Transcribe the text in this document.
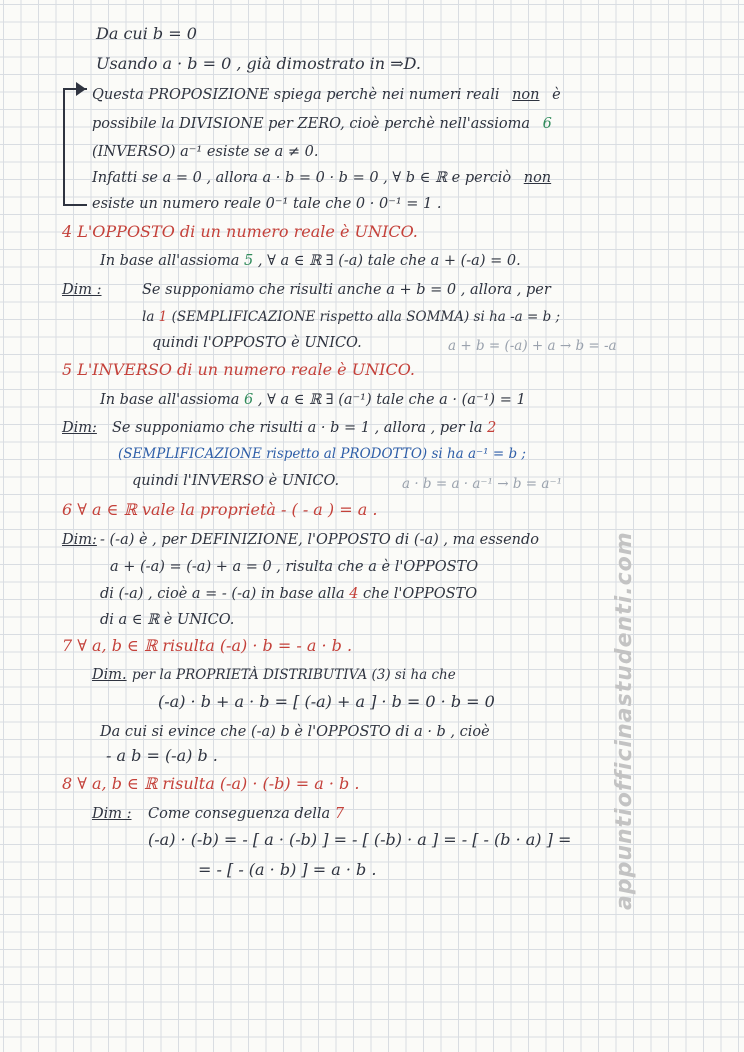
Da cui b = 0
Usando a · b = 0 , già dimostrato in ⇒D.
Questa PROPOSIZIONE spiega perchè nei numeri reali non è
possibile la DIVISIONE per ZERO, cioè perchè nell'assioma 6
(INVERSO) a⁻¹ esiste se a ≠ 0.
Infatti se a = 0 , allora a · b = 0 · b = 0 , ∀ b ∈ ℝ e perciò non
esiste un numero reale 0⁻¹ tale che 0 · 0⁻¹ = 1 .
4 L'OPPOSTO di un numero reale è UNICO.
In base all'assioma 5 , ∀ a ∈ ℝ ∃ (-a) tale che a + (-a) = 0.
Dim :	Se supponiamo che risulti anche a + b = 0 , allora , per
la 1 (SEMPLIFICAZIONE rispetto alla SOMMA) si ha -a = b ;
quindi l'OPPOSTO è UNICO.	a + b = (-a) + a → b = -a
5 L'INVERSO di un numero reale è UNICO.
In base all'assioma 6 , ∀ a ∈ ℝ ∃ (a⁻¹) tale che a · (a⁻¹) = 1
Dim: Se supponiamo che risulti a · b = 1 , allora , per la 2
(SEMPLIFICAZIONE rispetto al PRODOTTO) si ha a⁻¹ = b ;
quindi l'INVERSO è UNICO.	a · b = a · a⁻¹ → b = a⁻¹
6 ∀ a ∈ ℝ vale la proprietà - ( - a ) = a .
Dim: - (-a) è , per DEFINIZIONE, l'OPPOSTO di (-a) , ma essendo
a + (-a) = (-a) + a = 0 , risulta che a è l'OPPOSTO
di (-a) , cioè a = - (-a) in base alla 4 che l'OPPOSTO
di a ∈ ℝ è UNICO.
7 ∀ a, b ∈ ℝ risulta (-a) · b = - a · b .
Dim. per la PROPRIETÀ DISTRIBUTIVA (3) si ha che
(-a) · b + a · b = [ (-a) + a ] · b = 0 · b = 0
Da cui si evince che (-a) b è l'OPPOSTO di a · b , cioè
- a b = (-a) b .
8 ∀ a, b ∈ ℝ risulta (-a) · (-b) = a · b .
Dim : Come conseguenza della 7
(-a) · (-b) = - [ a · (-b) ] = - [ (-b) · a ] = - [ - (b · a) ] =
= - [ - (a · b) ] = a · b .	appuntiofficinastudenti.com
